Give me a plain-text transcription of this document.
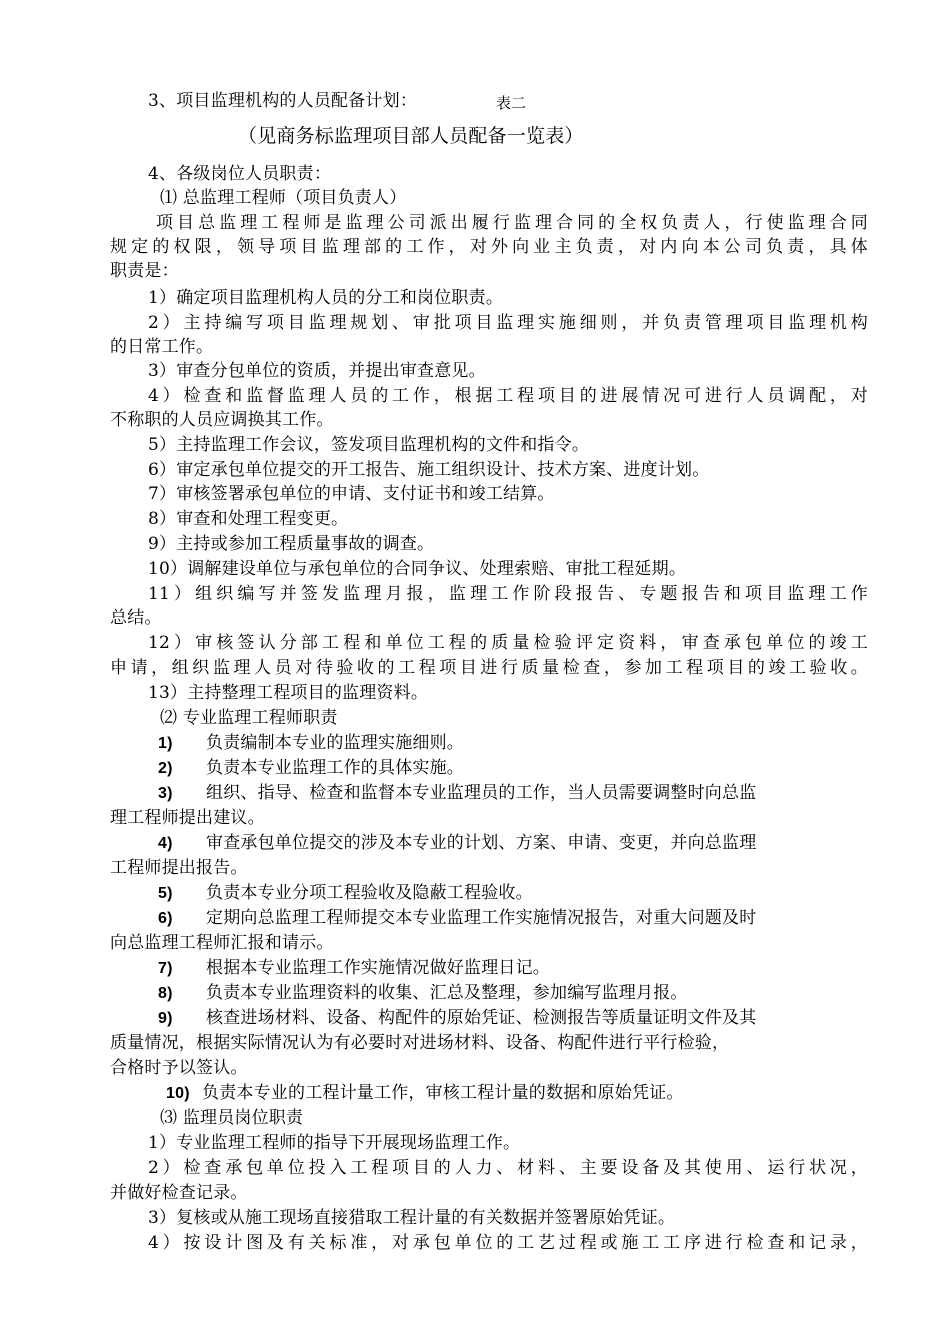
3、项目监理机构的人员配备计划：	表二
（见商务标监理项目部人员配备一览表）
4、各级岗位人员职责：
⑴ 总监理工程师（项目负责人）
项目总监理工程师是监理公司派出履行监理合同的全权负责人，行使监理合同
规定的权限，领导项目监理部的工作，对外向业主负责，对内向本公司负责，具体
职责是：
1）确定项目监理机构人员的分工和岗位职责。
2）主持编写项目监理规划、审批项目监理实施细则，并负责管理项目监理机构
的日常工作。
3）审查分包单位的资质，并提出审查意见。
4）检查和监督监理人员的工作，根据工程项目的进展情况可进行人员调配，对
不称职的人员应调换其工作。
5）主持监理工作会议，签发项目监理机构的文件和指令。
6）审定承包单位提交的开工报告、施工组织设计、技术方案、进度计划。
7）审核签署承包单位的申请、支付证书和竣工结算。
8）审查和处理工程变更。
9）主持或参加工程质量事故的调查。
10）调解建设单位与承包单位的合同争议、处理索赔、审批工程延期。
11）组织编写并签发监理月报，监理工作阶段报告、专题报告和项目监理工作
总结。
12）审核签认分部工程和单位工程的质量检验评定资料，审查承包单位的竣工
申请，组织监理人员对待验收的工程项目进行质量检查，参加工程项目的竣工验收。
13）主持整理工程项目的监理资料。
⑵ 专业监理工程师职责
1) 负责编制本专业的监理实施细则。
2) 负责本专业监理工作的具体实施。
3) 组织、指导、检查和监督本专业监理员的工作，当人员需要调整时向总监
理工程师提出建议。
4) 审查承包单位提交的涉及本专业的计划、方案、申请、变更，并向总监理
工程师提出报告。
5) 负责本专业分项工程验收及隐蔽工程验收。
6) 定期向总监理工程师提交本专业监理工作实施情况报告，对重大问题及时
向总监理工程师汇报和请示。
7) 根据本专业监理工作实施情况做好监理日记。
8) 负责本专业监理资料的收集、汇总及整理，参加编写监理月报。
9) 核查进场材料、设备、构配件的原始凭证、检测报告等质量证明文件及其
质量情况，根据实际情况认为有必要时对进场材料、设备、构配件进行平行检验，
合格时予以签认。
10) 负责本专业的工程计量工作，审核工程计量的数据和原始凭证。
⑶ 监理员岗位职责
1）专业监理工程师的指导下开展现场监理工作。
2）检查承包单位投入工程项目的人力、材料、主要设备及其使用、运行状况，
并做好检查记录。
3）复核或从施工现场直接猎取工程计量的有关数据并签署原始凭证。
4）按设计图及有关标准，对承包单位的工艺过程或施工工序进行检查和记录，
